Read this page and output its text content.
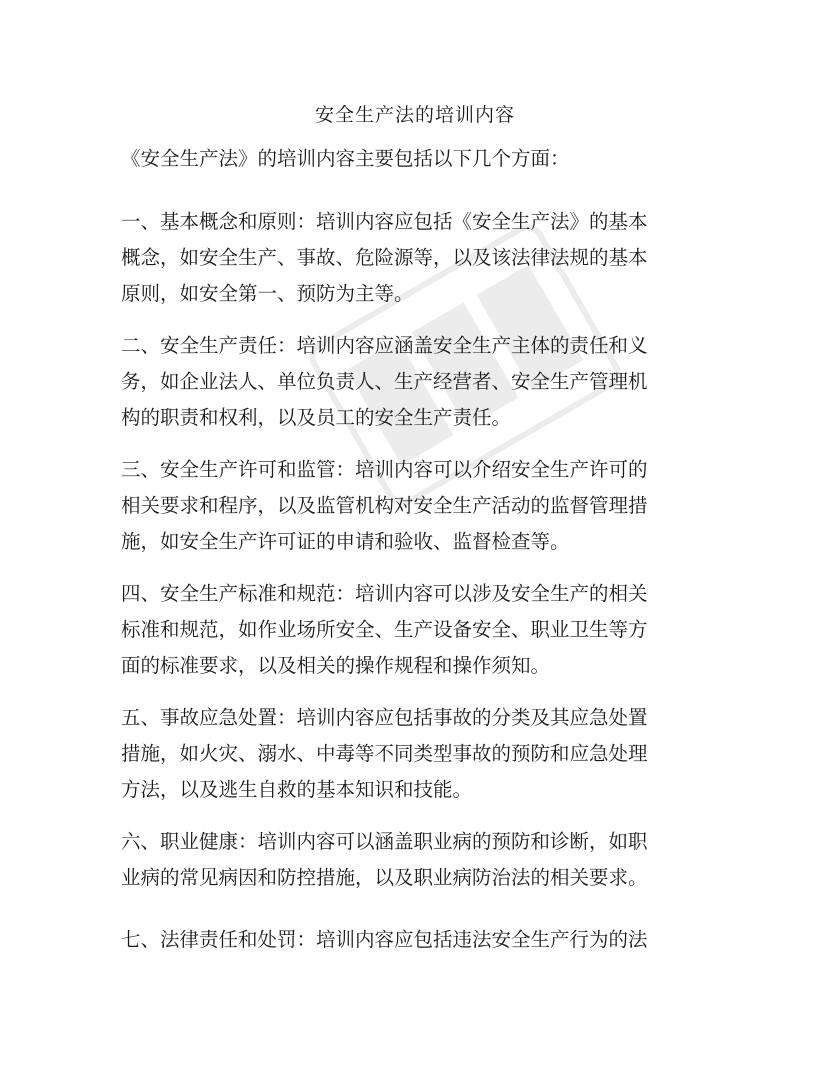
安全生产法的培训内容

《安全生产法》的培训内容主要包括以下几个方面：

一、基本概念和原则：培训内容应包括《安全生产法》的基本
概念，如安全生产、事故、危险源等，以及该法律法规的基本
原则，如安全第一、预防为主等。
二、安全生产责任：培训内容应涵盖安全生产主体的责任和义
务，如企业法人、单位负责人、生产经营者、安全生产管理机
构的职责和权利，以及员工的安全生产责任。
三、安全生产许可和监管：培训内容可以介绍安全生产许可的
相关要求和程序，以及监管机构对安全生产活动的监督管理措
施，如安全生产许可证的申请和验收、监督检查等。
四、安全生产标准和规范：培训内容可以涉及安全生产的相关
标准和规范，如作业场所安全、生产设备安全、职业卫生等方
面的标准要求，以及相关的操作规程和操作须知。
五、事故应急处置：培训内容应包括事故的分类及其应急处置
措施，如火灾、溺水、中毒等不同类型事故的预防和应急处理
方法，以及逃生自救的基本知识和技能。
六、职业健康：培训内容可以涵盖职业病的预防和诊断，如职
业病的常见病因和防控措施，以及职业病防治法的相关要求。
七、法律责任和处罚：培训内容应包括违法安全生产行为的法
